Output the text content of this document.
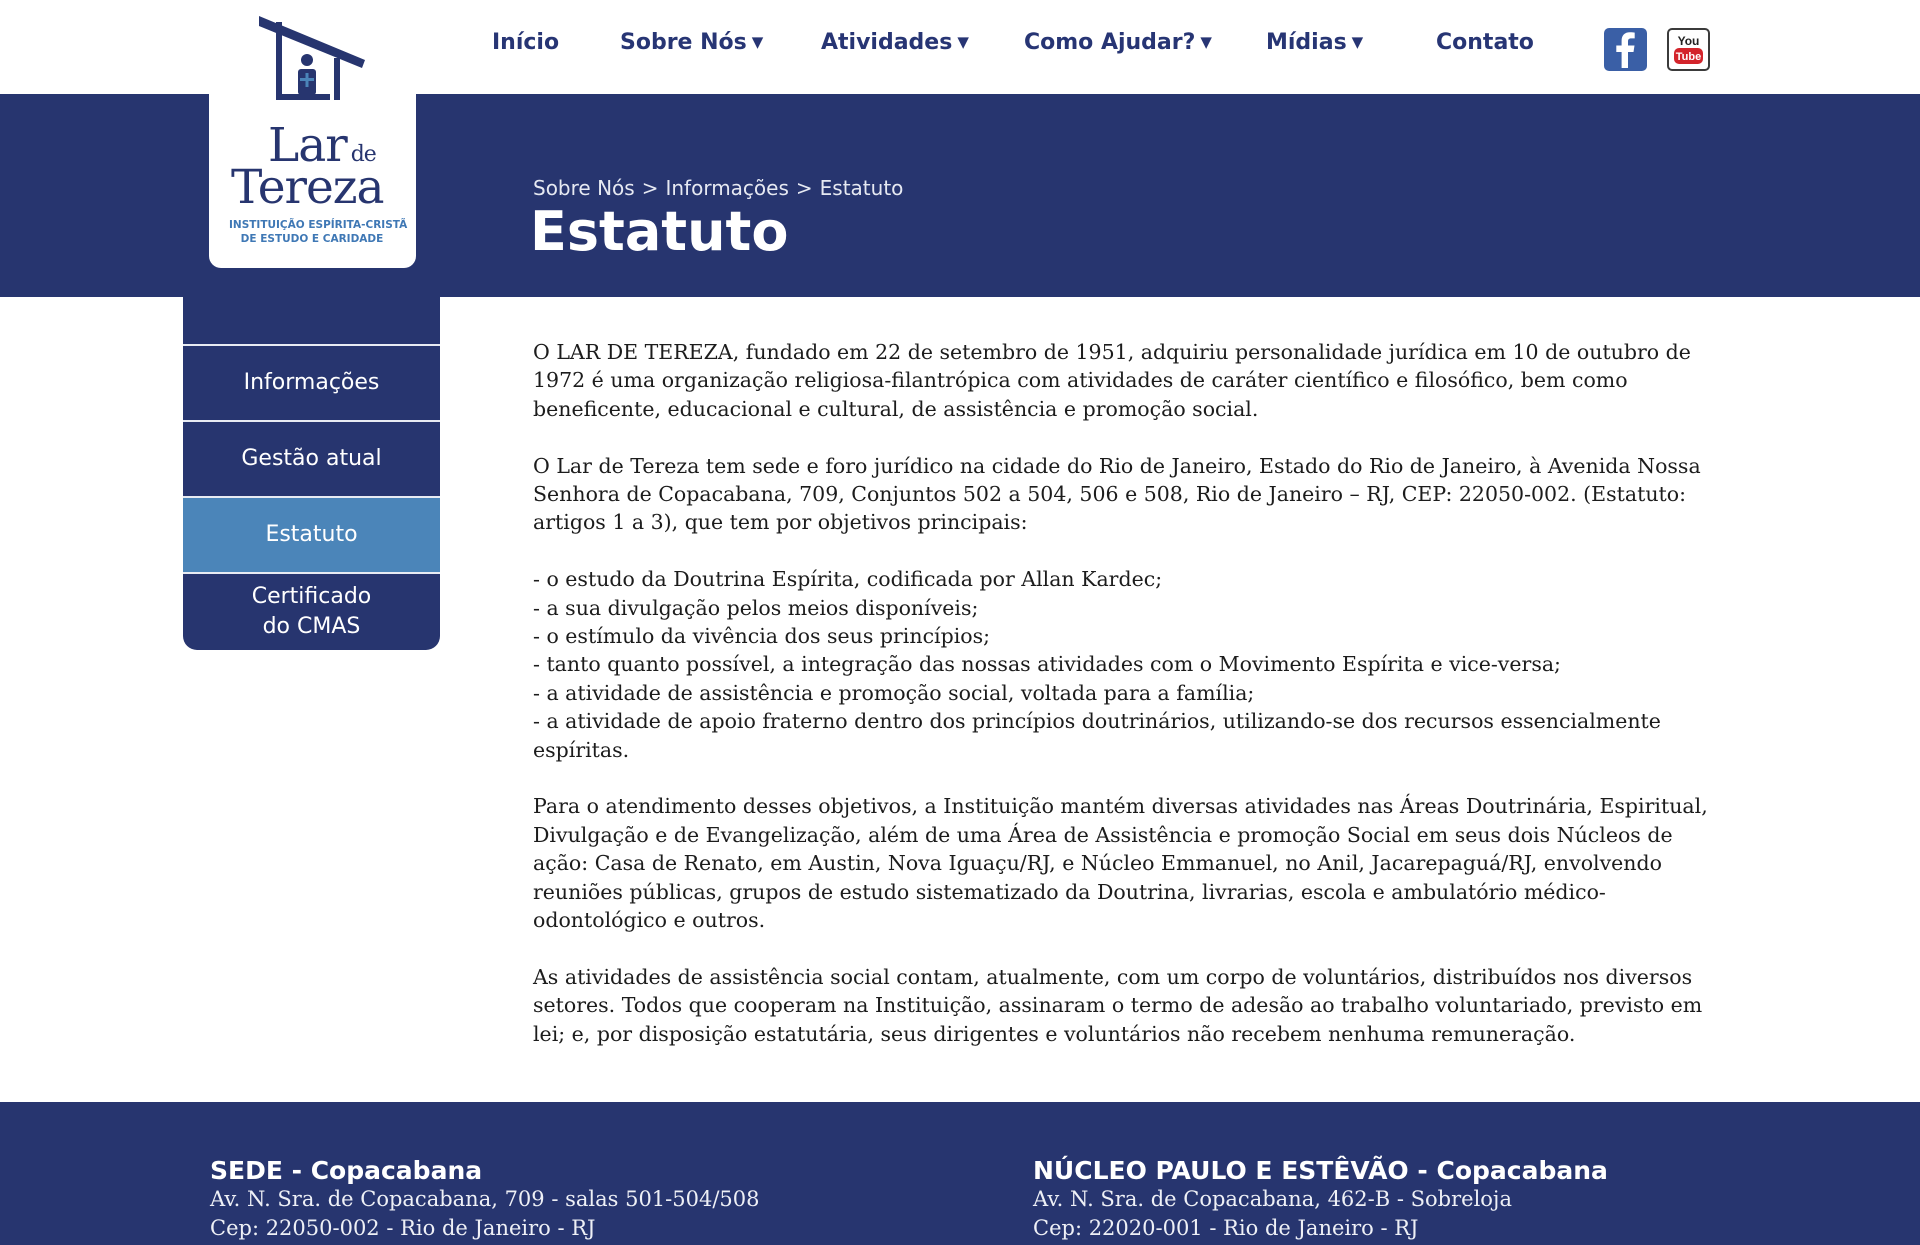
Lar de
Tereza
INSTITUIÇÃO ESPÍRITA-CRISTÃ
DE ESTUDO E CARIDADE
Início	Sobre Nós ▼	Atividades ▼	Como Ajudar? ▼ Mídias ▼	Contato	You
Tube
Sobre Nós > Informações > Estatuto
Estatuto
Informações
Gestão atual
Estatuto
Certificado
do CMAS

O LAR DE TEREZA, fundado em 22 de setembro de 1951, adquiriu personalidade jurídica em 10 de outubro de 1972 é uma organização religiosa-filantrópica com atividades de caráter científico e filosófico, bem como beneficente, educacional e cultural, de assistência e promoção social.

O Lar de Tereza tem sede e foro jurídico na cidade do Rio de Janeiro, Estado do Rio de Janeiro, à Avenida Nossa Senhora de Copacabana, 709, Conjuntos 502 a 504, 506 e 508, Rio de Janeiro – RJ, CEP: 22050-002. (Estatuto: artigos 1 a 3), que tem por objetivos principais:

- o estudo da Doutrina Espírita, codificada por Allan Kardec;
- a sua divulgação pelos meios disponíveis;
- o estímulo da vivência dos seus princípios;
- tanto quanto possível, a integração das nossas atividades com o Movimento Espírita e vice-versa;
- a atividade de assistência e promoção social, voltada para a família;
- a atividade de apoio fraterno dentro dos princípios doutrinários, utilizando-se dos recursos essencialmente espíritas.

Para o atendimento desses objetivos, a Instituição mantém diversas atividades nas Áreas Doutrinária, Espiritual, Divulgação e de Evangelização, além de uma Área de Assistência e promoção Social em seus dois Núcleos de ação: Casa de Renato, em Austin, Nova Iguaçu/RJ, e Núcleo Emmanuel, no Anil, Jacarepaguá/RJ, envolvendo reuniões públicas, grupos de estudo sistematizado da Doutrina, livrarias, escola e ambulatório médico-odontológico e outros.

As atividades de assistência social contam, atualmente, com um corpo de voluntários, distribuídos nos diversos setores. Todos que cooperam na Instituição, assinaram o termo de adesão ao trabalho voluntariado, previsto em lei; e, por disposição estatutária, seus dirigentes e voluntários não recebem nenhuma remuneração.

SEDE - Copacabana
Av. N. Sra. de Copacabana, 709 - salas 501-504/508
Cep: 22050-002 - Rio de Janeiro - RJ
NÚCLEO PAULO E ESTÊVÃO - Copacabana
Av. N. Sra. de Copacabana, 462-B - Sobreloja
Cep: 22020-001 - Rio de Janeiro - RJ
